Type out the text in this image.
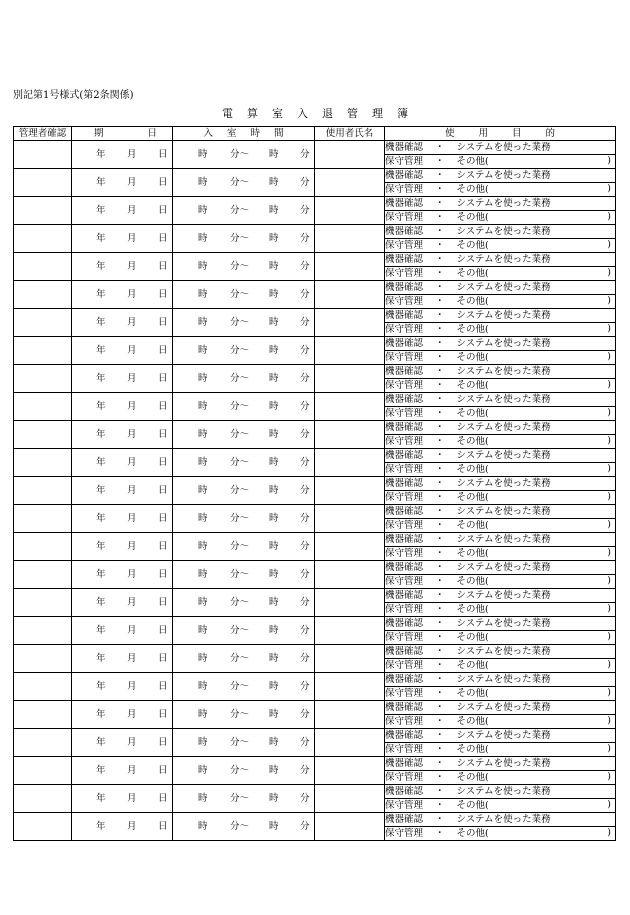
別記第1号様式(第2条関係)
電 算 室 入 退 管 理 簿
管理者確認	期 日	入 室 時 間	使用者氏名	使 用 目 的

	年 月 日	時 分〜 時 分		機器確認 ・ システムを使った業務
				保守管理 ・ その他( )

	年 月 日	時 分〜 時 分		機器確認 ・ システムを使った業務
				保守管理 ・ その他( )

	年 月 日	時 分〜 時 分		機器確認 ・ システムを使った業務
				保守管理 ・ その他( )

	年 月 日	時 分〜 時 分		機器確認 ・ システムを使った業務
				保守管理 ・ その他( )

	年 月 日	時 分〜 時 分		機器確認 ・ システムを使った業務
				保守管理 ・ その他( )

	年 月 日	時 分〜 時 分		機器確認 ・ システムを使った業務
				保守管理 ・ その他( )

	年 月 日	時 分〜 時 分		機器確認 ・ システムを使った業務
				保守管理 ・ その他( )

	年 月 日	時 分〜 時 分		機器確認 ・ システムを使った業務
				保守管理 ・ その他( )

	年 月 日	時 分〜 時 分		機器確認 ・ システムを使った業務
				保守管理 ・ その他( )

	年 月 日	時 分〜 時 分		機器確認 ・ システムを使った業務
				保守管理 ・ その他( )

	年 月 日	時 分〜 時 分		機器確認 ・ システムを使った業務
				保守管理 ・ その他( )

	年 月 日	時 分〜 時 分		機器確認 ・ システムを使った業務
				保守管理 ・ その他( )

	年 月 日	時 分〜 時 分		機器確認 ・ システムを使った業務
				保守管理 ・ その他( )

	年 月 日	時 分〜 時 分		機器確認 ・ システムを使った業務
				保守管理 ・ その他( )

	年 月 日	時 分〜 時 分		機器確認 ・ システムを使った業務
				保守管理 ・ その他( )

	年 月 日	時 分〜 時 分		機器確認 ・ システムを使った業務
				保守管理 ・ その他( )

	年 月 日	時 分〜 時 分		機器確認 ・ システムを使った業務
				保守管理 ・ その他( )

	年 月 日	時 分〜 時 分		機器確認 ・ システムを使った業務
				保守管理 ・ その他( )

	年 月 日	時 分〜 時 分		機器確認 ・ システムを使った業務
				保守管理 ・ その他( )

	年 月 日	時 分〜 時 分		機器確認 ・ システムを使った業務
				保守管理 ・ その他( )

	年 月 日	時 分〜 時 分		機器確認 ・ システムを使った業務
				保守管理 ・ その他( )

	年 月 日	時 分〜 時 分		機器確認 ・ システムを使った業務
				保守管理 ・ その他( )

	年 月 日	時 分〜 時 分		機器確認 ・ システムを使った業務
				保守管理 ・ その他( )

	年 月 日	時 分〜 時 分		機器確認 ・ システムを使った業務
				保守管理 ・ その他( )

	年 月 日	時 分〜 時 分		機器確認 ・ システムを使った業務
				保守管理 ・ その他( )
